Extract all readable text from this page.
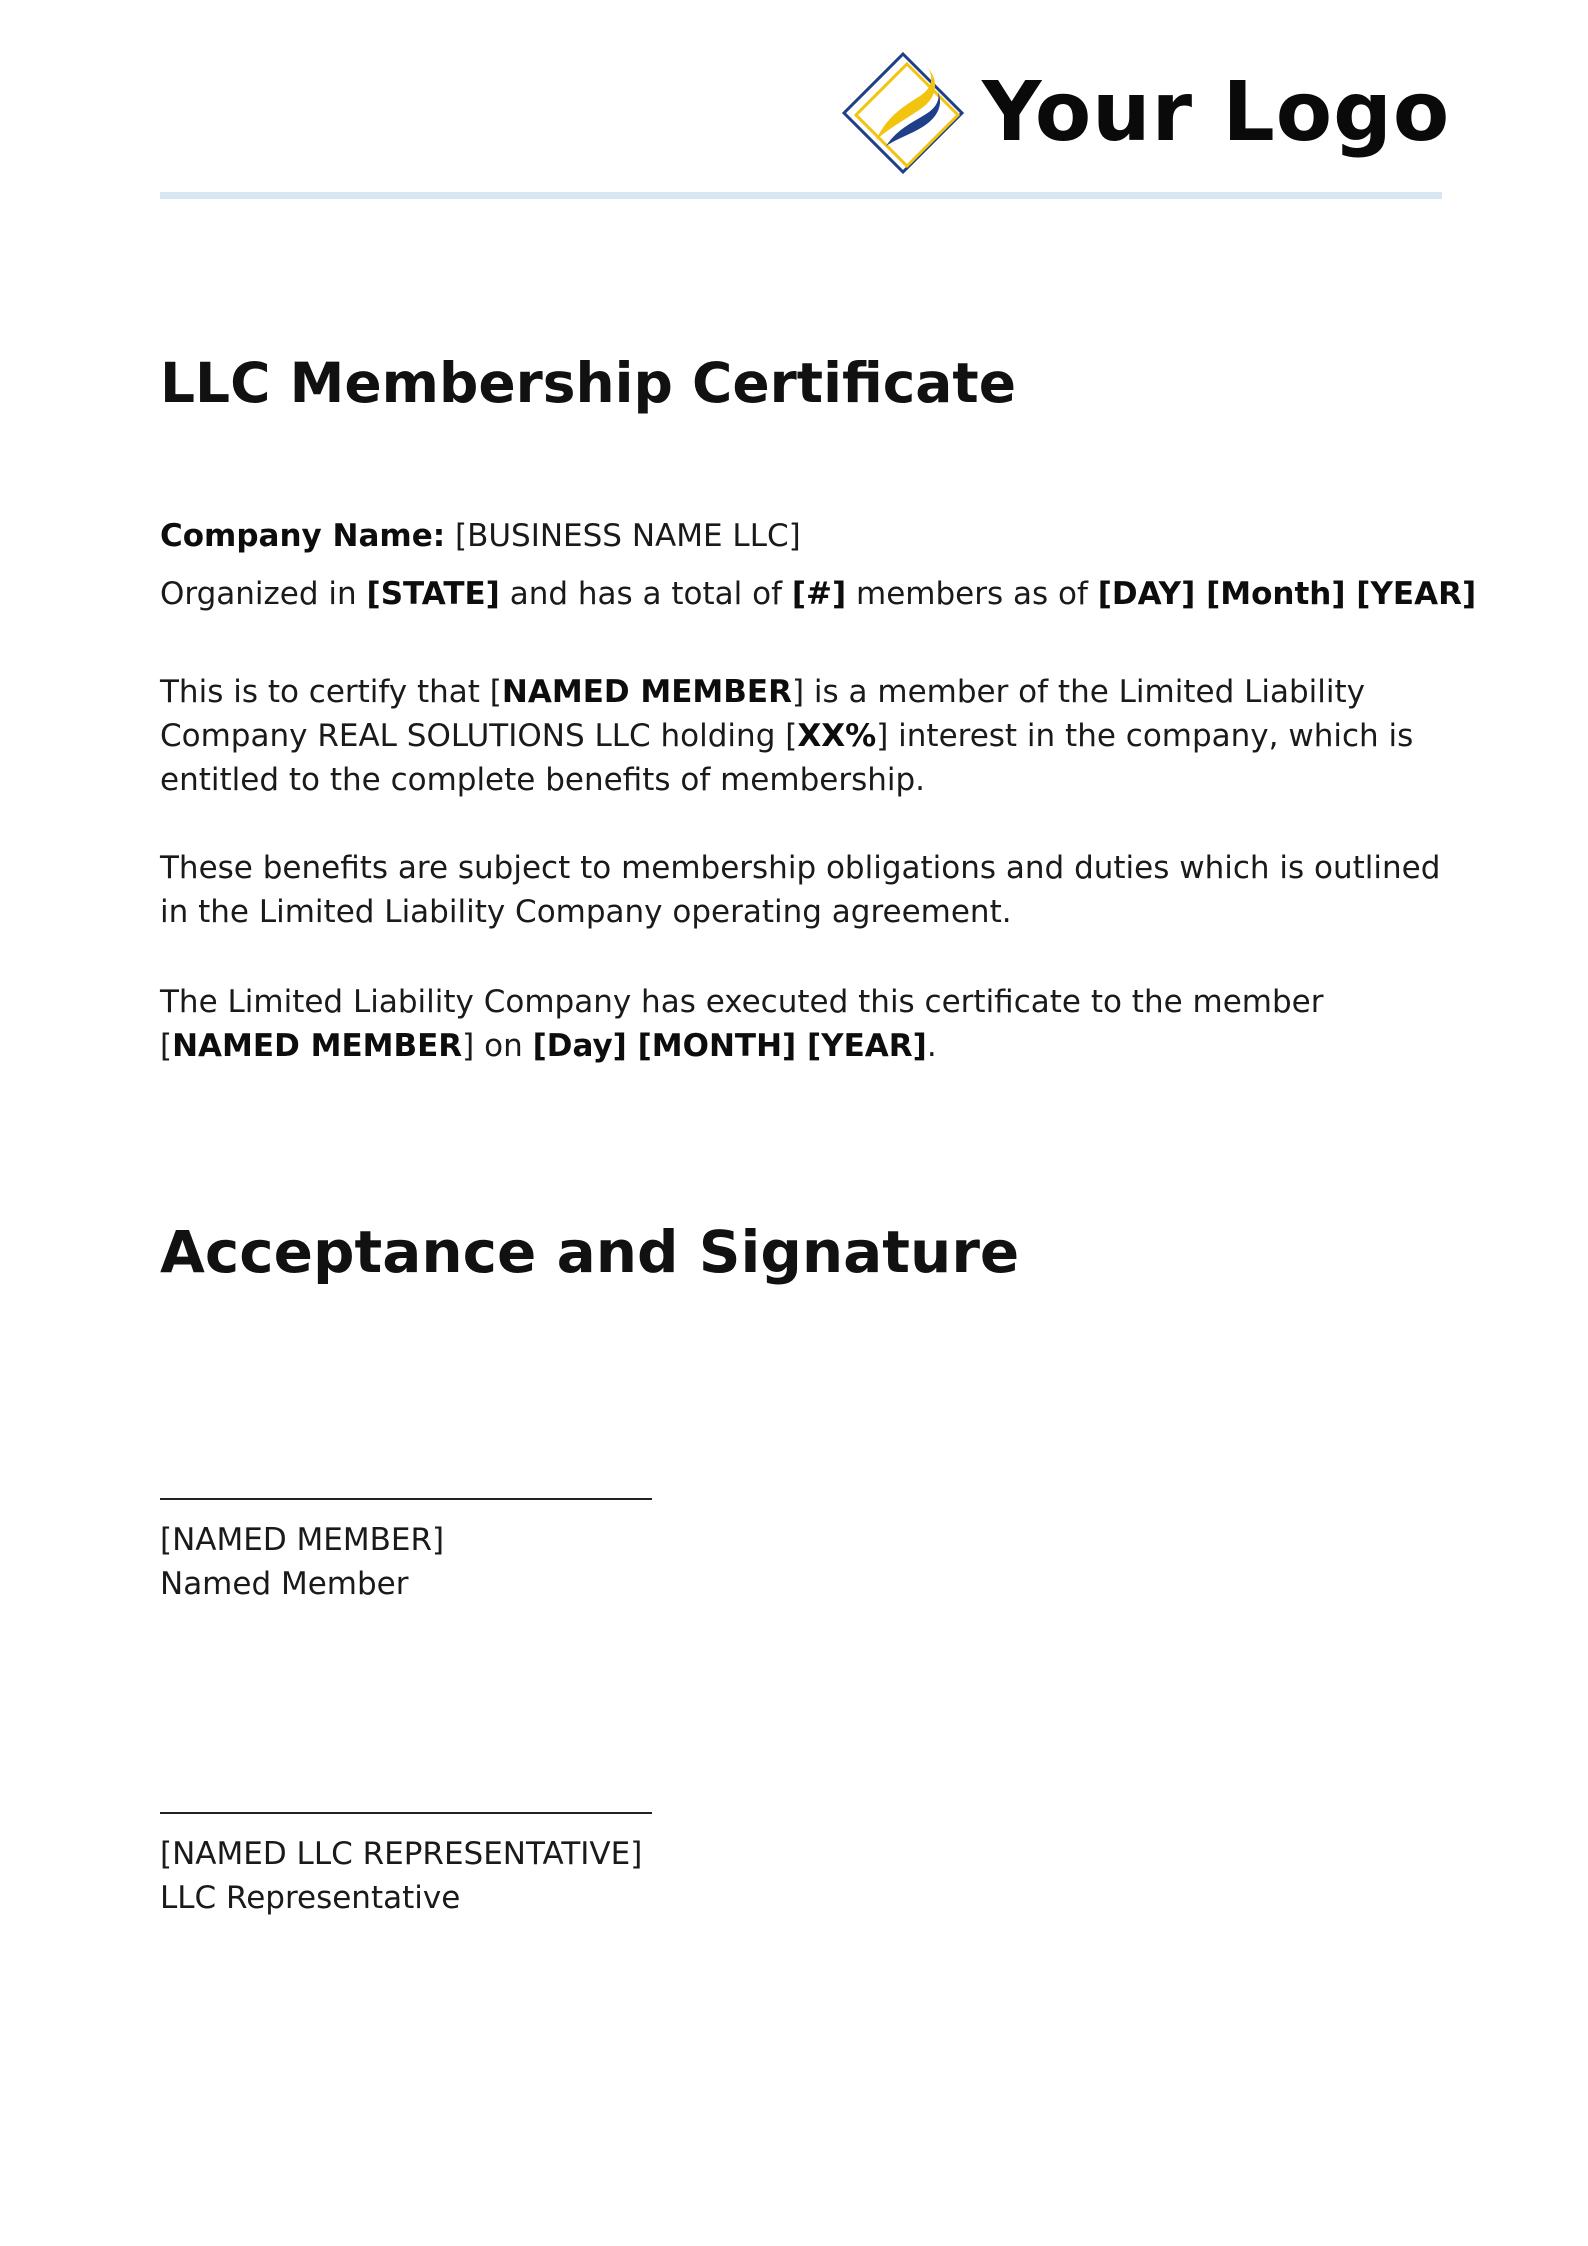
Your Logo
LLC Membership Certificate

Company Name: [BUSINESS NAME LLC]

Organized in [STATE] and has a total of [#] members as of [DAY] [Month] [YEAR]

This is to certify that [NAMED MEMBER] is a member of the Limited Liability
Company REAL SOLUTIONS LLC holding [XX%] interest in the company, which is
entitled to the complete benefits of membership.

These benefits are subject to membership obligations and duties which is outlined
in the Limited Liability Company operating agreement.

The Limited Liability Company has executed this certificate to the member
[NAMED MEMBER] on [Day] [MONTH] [YEAR].

Acceptance and Signature
[NAMED MEMBER]
Named Member
[NAMED LLC REPRESENTATIVE]
LLC Representative
